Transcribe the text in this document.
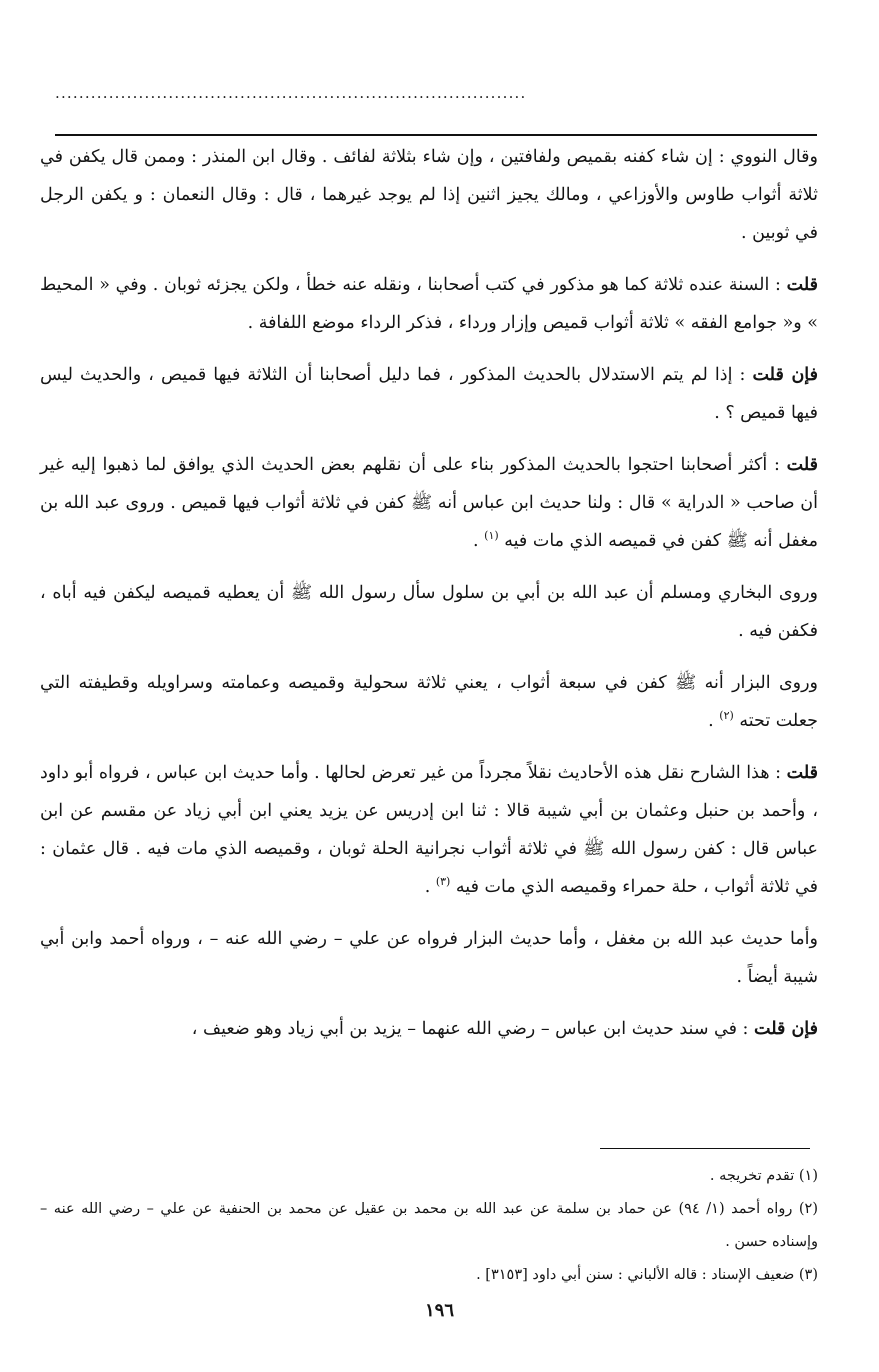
...............................................................................

وقال النووي : إن شاء كفنه بقميص ولفافتين ، وإن شاء بثلاثة لفائف . وقال ابن المنذر : وممن قال يكفن في ثلاثة أثواب طاوس والأوزاعي ، ومالك يجيز اثنين إذا لم يوجد غيرهما ، قال : وقال النعمان : و يكفن الرجل في ثوبين .

قلت : السنة عنده ثلاثة كما هو مذكور في كتب أصحابنا ، ونقله عنه خطأ ، ولكن يجزئه ثوبان . وفي « المحيط » و« جوامع الفقه » ثلاثة أثواب قميص وإزار ورداء ، فذكر الرداء موضع اللفافة .

فإن قلت : إذا لم يتم الاستدلال بالحديث المذكور ، فما دليل أصحابنا أن الثلاثة فيها قميص ، والحديث ليس فيها قميص ؟ .

قلت : أكثر أصحابنا احتجوا بالحديث المذكور بناء على أن نقلهم بعض الحديث الذي يوافق لما ذهبوا إليه غير أن صاحب « الدراية » قال : ولنا حديث ابن عباس أنه ﷺ كفن في ثلاثة أثواب فيها قميص . وروى عبد الله بن مغفل أنه ﷺ كفن في قميصه الذي مات فيه $^{(١)}$ .

وروى البخاري ومسلم أن عبد الله بن أبي بن سلول سأل رسول الله ﷺ أن يعطيه قميصه ليكفن فيه أباه ، فكفن فيه .

وروى البزار أنه ﷺ كفن في سبعة أثواب ، يعني ثلاثة سحولية وقميصه وعمامته وسراويله وقطيفته التي جعلت تحته $^{(٢)}$ .

قلت : هذا الشارح نقل هذه الأحاديث نقلاً مجرداً من غير تعرض لحالها . وأما حديث ابن عباس ، فرواه أبو داود ، وأحمد بن حنبل وعثمان بن أبي شيبة قالا : ثنا ابن إدريس عن يزيد يعني ابن أبي زياد عن مقسم عن ابن عباس قال : كفن رسول الله ﷺ في ثلاثة أثواب نجرانية الحلة ثوبان ، وقميصه الذي مات فيه . قال عثمان : في ثلاثة أثواب ، حلة حمراء وقميصه الذي مات فيه $^{(٣)}$ .

وأما حديث عبد الله بن مغفل ، وأما حديث البزار فرواه عن علي – رضي الله عنه – ، ورواه أحمد وابن أبي شيبة أيضاً .

فإن قلت : في سند حديث ابن عباس – رضي الله عنهما – يزيد بن أبي زياد وهو ضعيف ،

(١) تقدم تخريجه .

(٢) رواه أحمد (١/ ٩٤) عن حماد بن سلمة عن عبد الله بن محمد بن عقيل عن محمد بن الحنفية عن علي – رضي الله عنه – وإسناده حسن .

(٣) ضعيف الإسناد : قاله الألباني : سنن أبي داود [٣١٥٣] .

١٩٦
